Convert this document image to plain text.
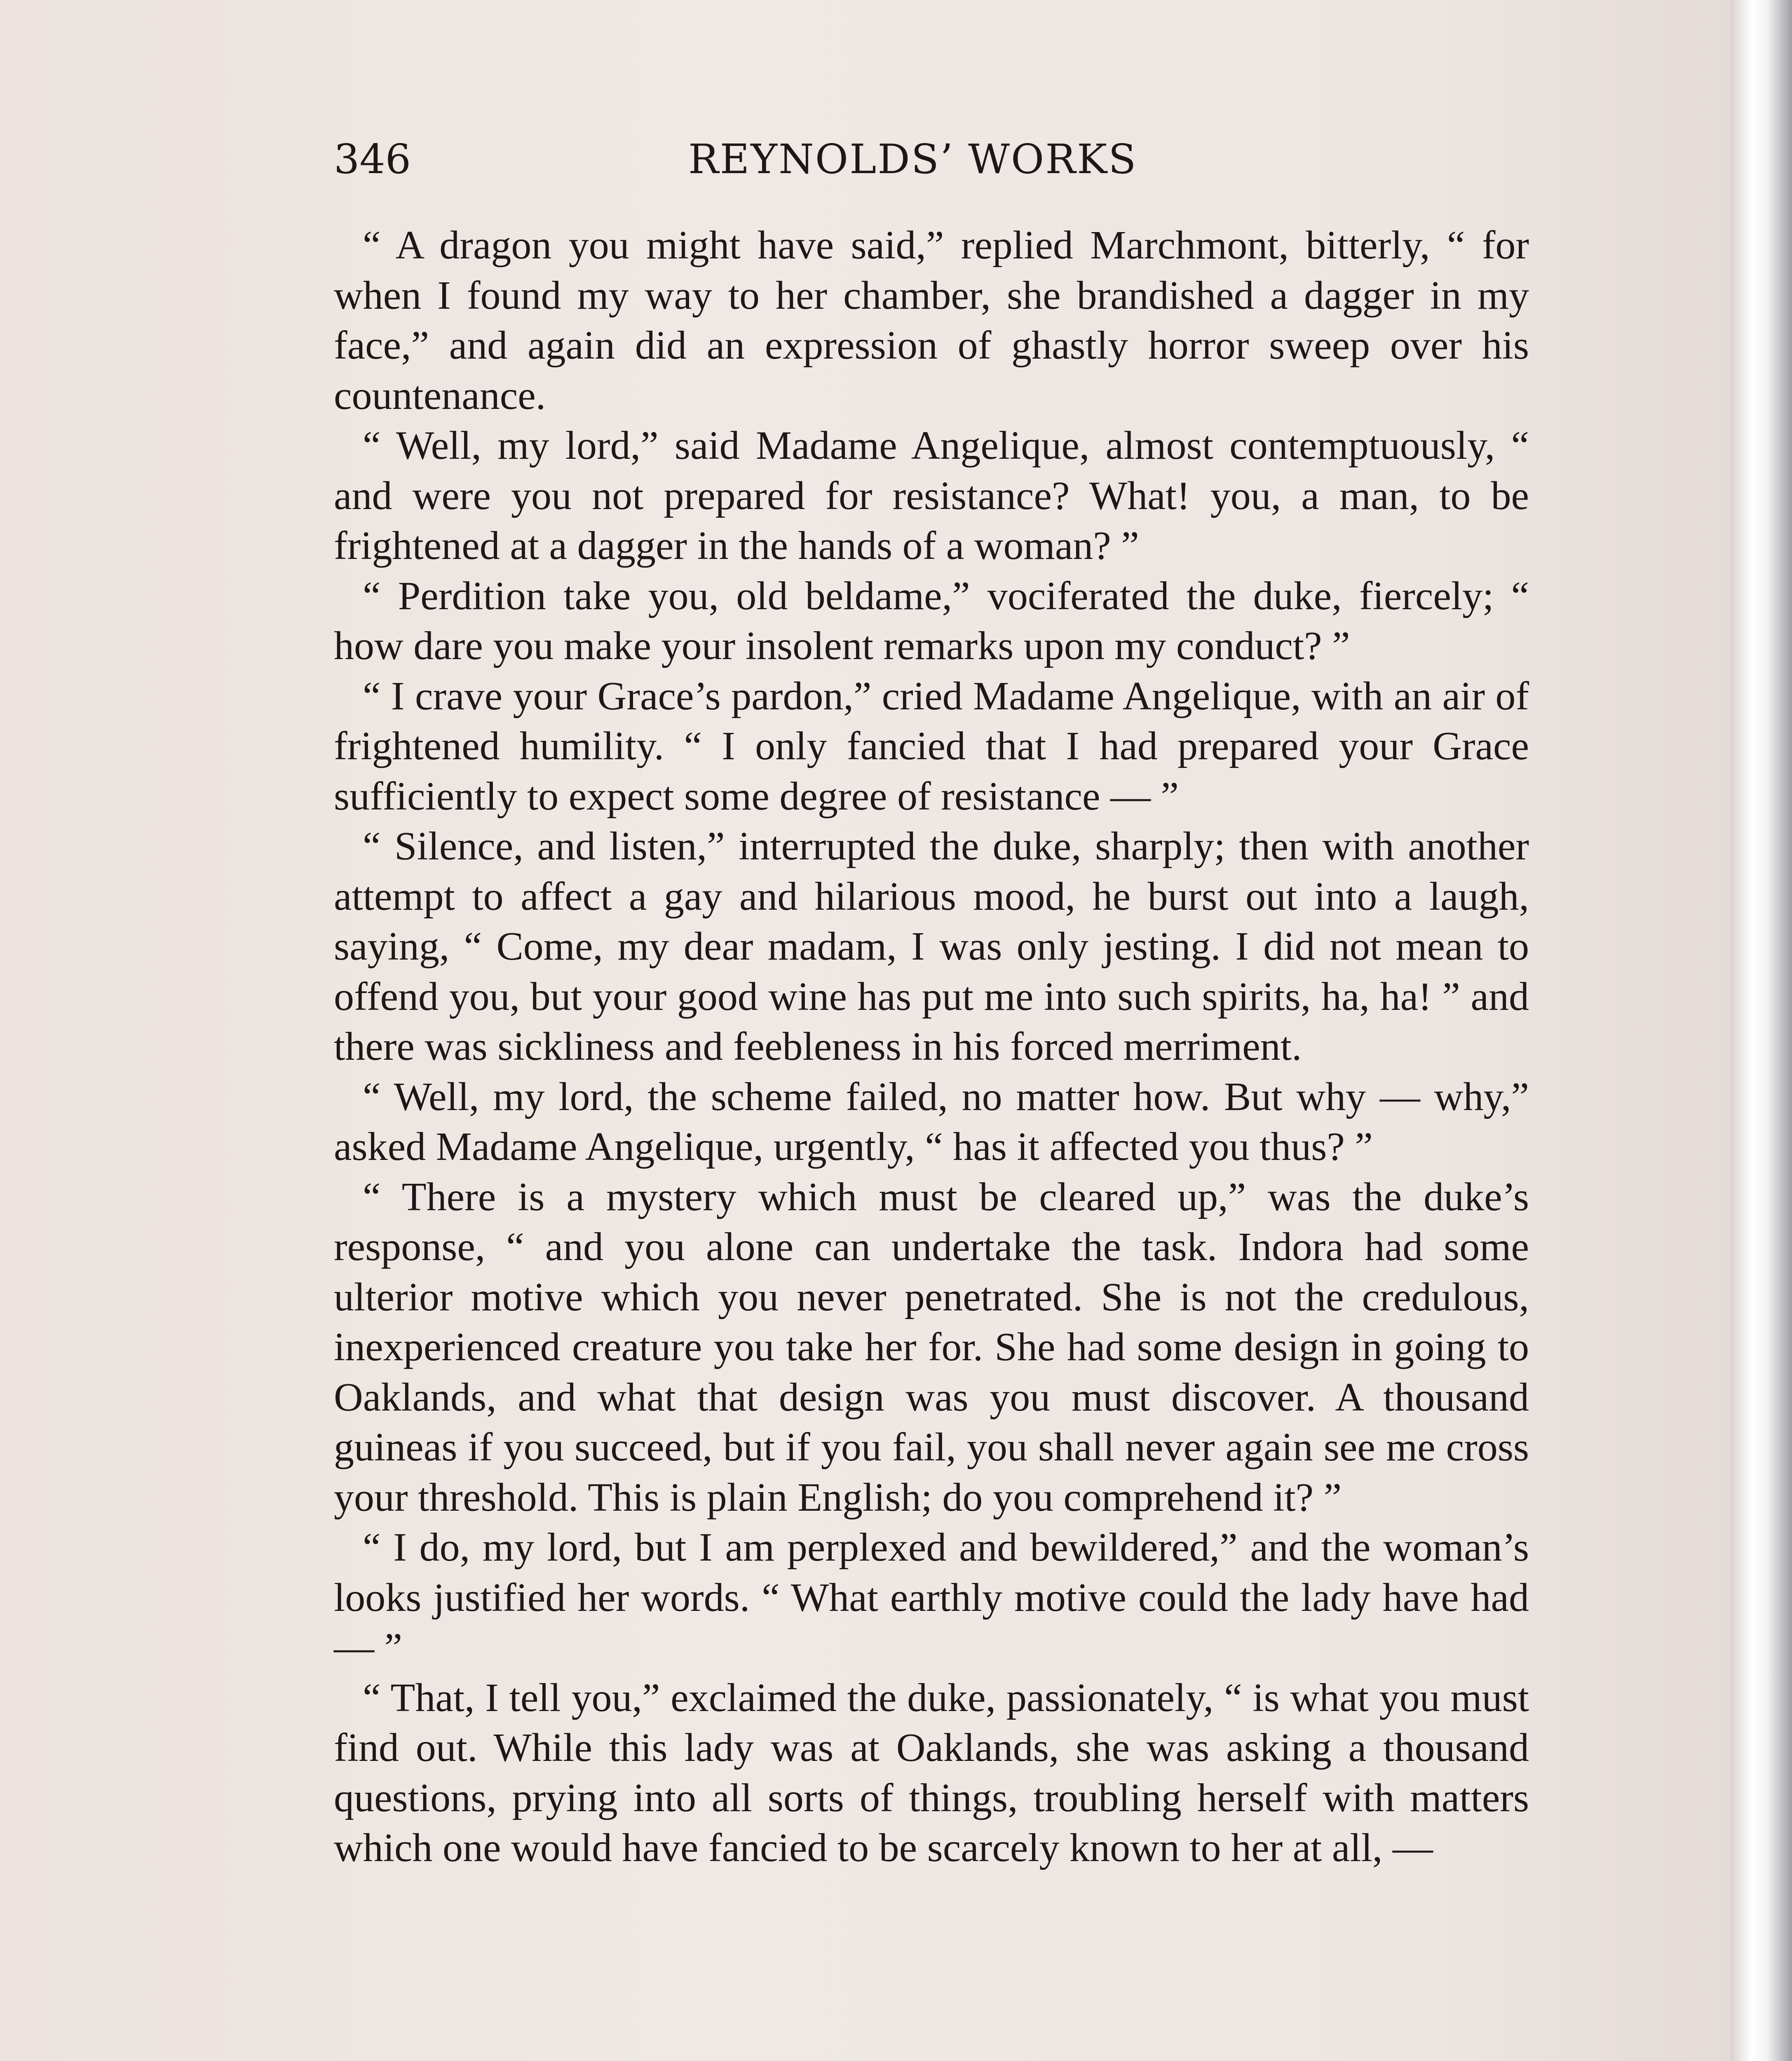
346	REYNOLDS’ WORKS

“ A dragon you might have said,” replied Marchmont, bitterly, “ for when I found my way to her chamber, she brandished a dagger in my face,” and again did an expression of ghastly horror sweep over his countenance.

“ Well, my lord,” said Madame Angelique, almost contemptuously, “ and were you not prepared for resistance? What! you, a man, to be frightened at a dagger in the hands of a woman? ”

“ Perdition take you, old beldame,” vociferated the duke, fiercely; “ how dare you make your insolent remarks upon my conduct? ”

“ I crave your Grace’s pardon,” cried Madame Angelique, with an air of frightened humility. “ I only fancied that I had prepared your Grace sufficiently to expect some degree of resistance — ”

“ Silence, and listen,” interrupted the duke, sharply; then with another attempt to affect a gay and hilarious mood, he burst out into a laugh, saying, “ Come, my dear madam, I was only jesting. I did not mean to offend you, but your good wine has put me into such spirits, ha, ha! ” and there was sickliness and feebleness in his forced merriment.

“ Well, my lord, the scheme failed, no matter how. But why — why,” asked Madame Angelique, urgently, “ has it affected you thus? ”

“ There is a mystery which must be cleared up,” was the duke’s response, “ and you alone can undertake the task. Indora had some ulterior motive which you never penetrated. She is not the credulous, inexperienced creature you take her for. She had some design in going to Oaklands, and what that design was you must discover. A thousand guineas if you succeed, but if you fail, you shall never again see me cross your threshold. This is plain English; do you comprehend it? ”

“ I do, my lord, but I am perplexed and bewildered,” and the woman’s looks justified her words. “ What earthly motive could the lady have had — ”

“ That, I tell you,” exclaimed the duke, passionately, “ is what you must find out. While this lady was at Oaklands, she was asking a thousand questions, prying into all sorts of things, troubling herself with matters which one would have fancied to be scarcely known to her at all, —
